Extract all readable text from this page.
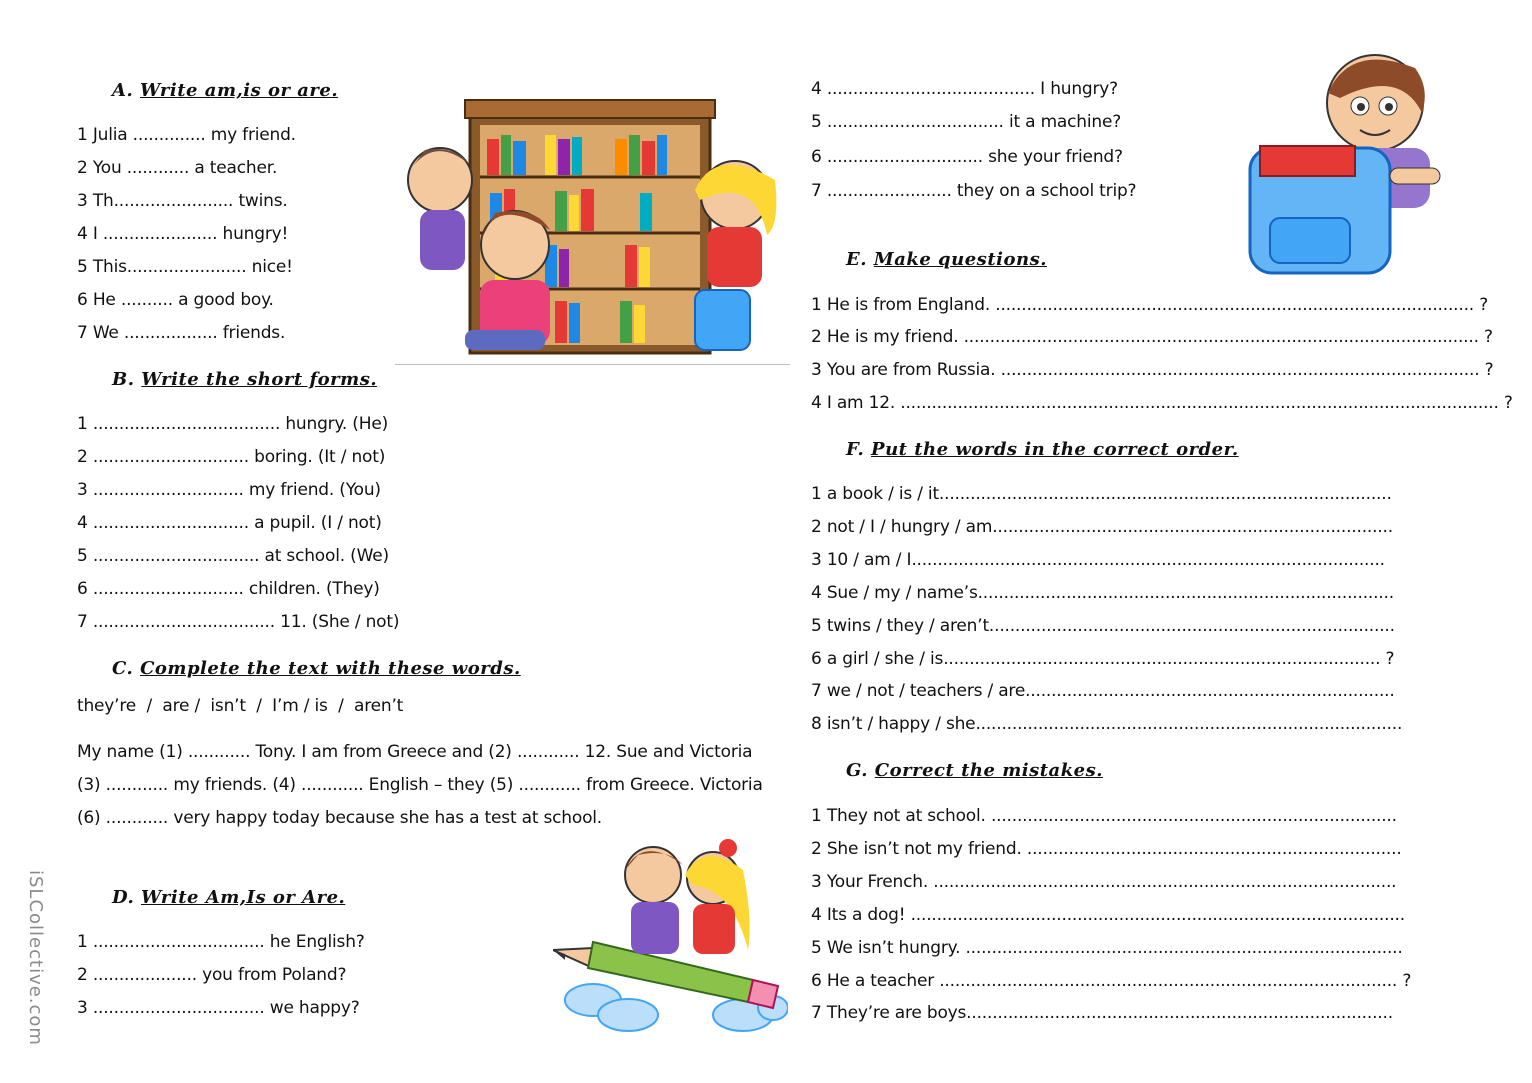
A. Write am,is or are.
1 Julia .............. my friend.
2 You ............ a teacher.
3 Th....................... twins.
4 I ...................... hungry!
5 This....................... nice!
6 He .......... a good boy.
7 We .................. friends.
B. Write the short forms.
1 .................................... hungry. (He)
2 .............................. boring. (It / not)
3 ............................. my friend. (You)
4 .............................. a pupil. (I / not)
5 ................................ at school. (We)
6 ............................. children. (They)
7 ................................... 11. (She / not)
C. Complete the text with these words.
they’re  /  are /  isn’t  /  I’m / is  /  aren’t
My name (1) ............ Tony. I am from Greece and (2) ............ 12. Sue and Victoria
(3) ............ my friends. (4) ............ English – they (5) ............ from Greece. Victoria
(6) ............ very happy today because she has a test at school.
D. Write Am,Is or Are.
1 ................................. he English?
2 .................... you from Poland?
3 ................................. we happy?
4 ........................................ I hungry?
5 .................................. it a machine?
6 .............................. she your friend?
7 ........................ they on a school trip?
E. Make questions.
1 He is from England. ............................................................................................ ?
2 He is my friend. ................................................................................................... ?
3 You are from Russia. ............................................................................................ ?
4 I am 12. ................................................................................................................... ?
F. Put the words in the correct order.
1 a book / is / it.......................................................................................
2 not / I / hungry / am.............................................................................
3 10 / am / I...........................................................................................
4 Sue / my / name’s................................................................................
5 twins / they / aren’t..............................................................................
6 a girl / she / is.................................................................................... ?
7 we / not / teachers / are.......................................................................
8 isn’t / happy / she..................................................................................
G. Correct the mistakes.
1 They not at school. ..............................................................................
2 She isn’t not my friend. ........................................................................
3 Your French. .........................................................................................
4 Its a dog! ...............................................................................................
5 We isn’t hungry. ....................................................................................
6 He a teacher ........................................................................................ ?
7 They’re are boys..................................................................................
iSLCollective.com
